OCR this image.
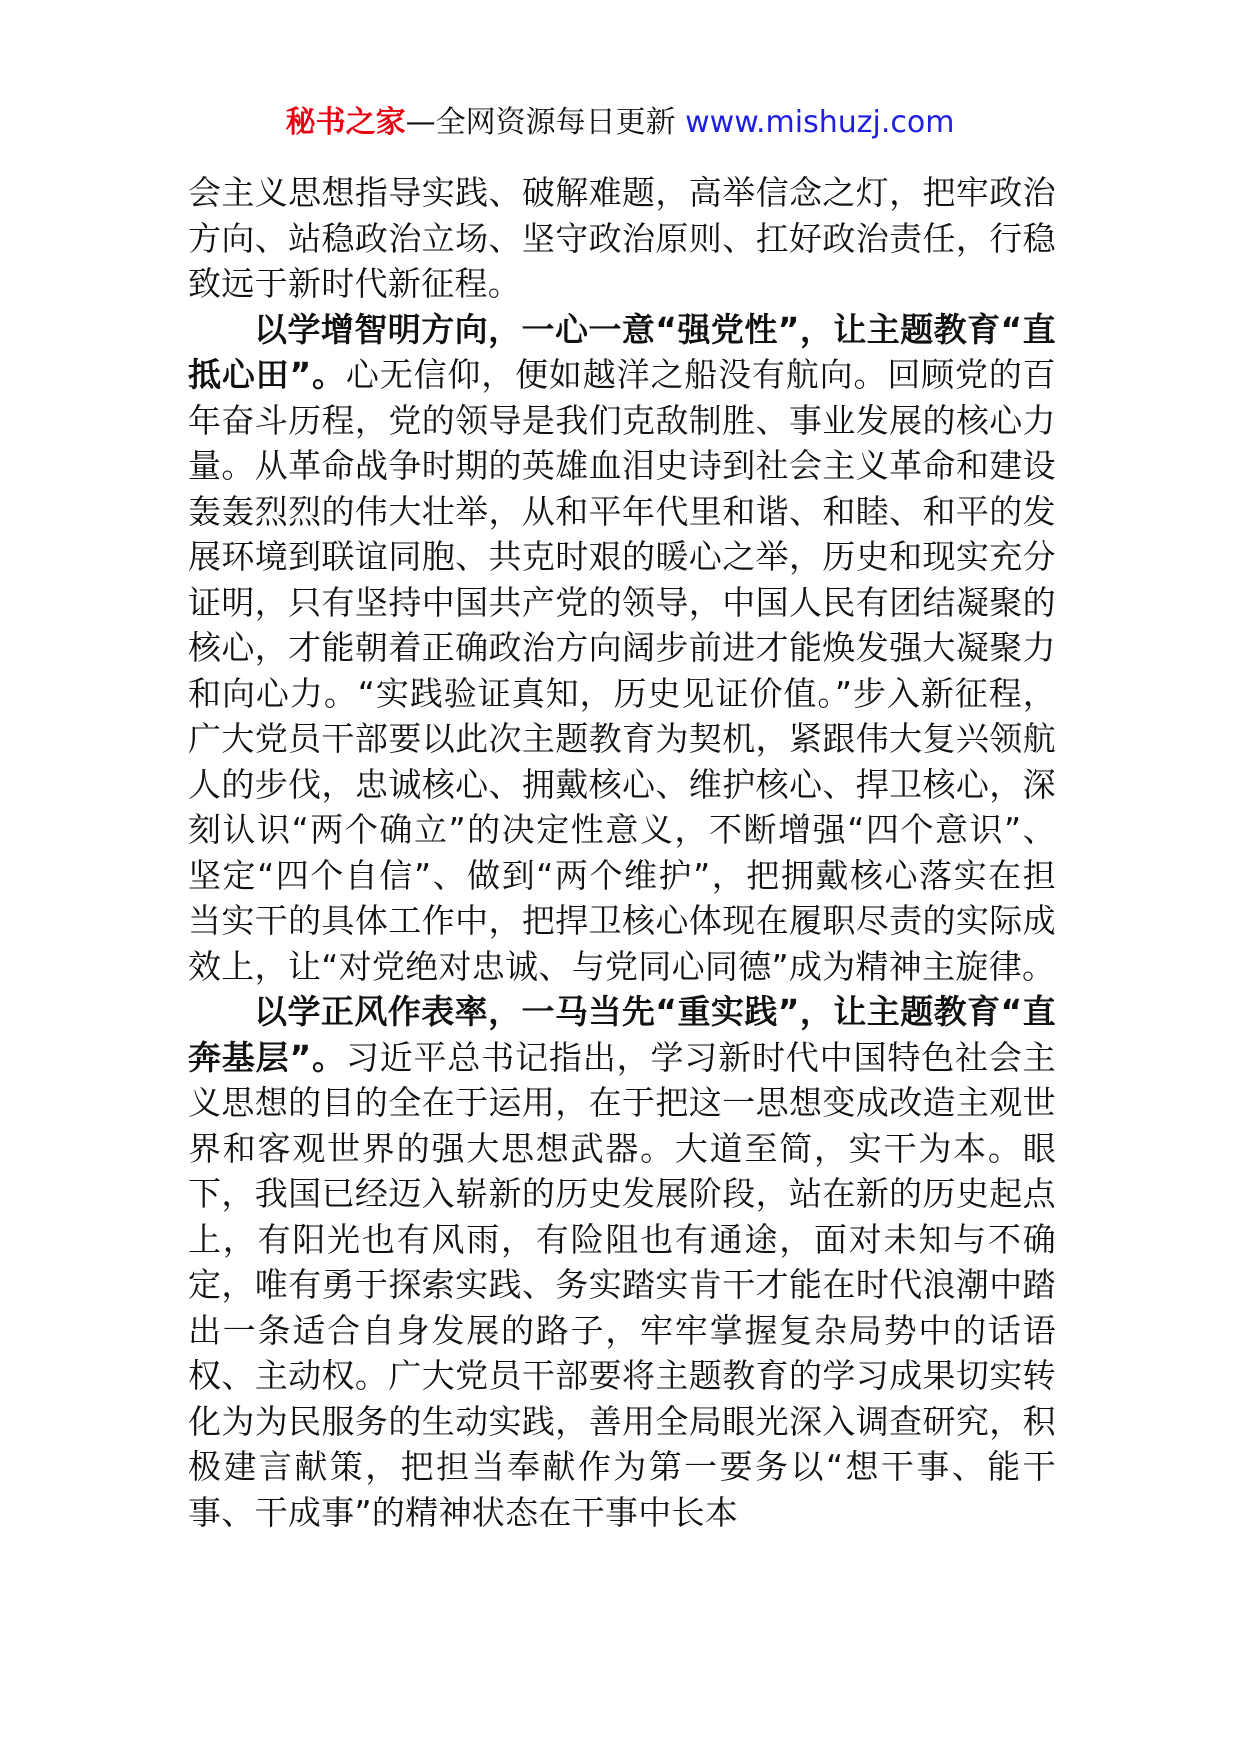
秘书之家—全网资源每日更新 www.mishuzj.com

会主义思想指导实践、破解难题，高举信念之灯，把牢政治方向、站稳政治立场、坚守政治原则、扛好政治责任，行稳致远于新时代新征程。

以学增智明方向，一心一意“强党性”，让主题教育“直抵心田”。心无信仰，便如越洋之船没有航向。回顾党的百年奋斗历程，党的领导是我们克敌制胜、事业发展的核心力量。从革命战争时期的英雄血泪史诗到社会主义革命和建设轰轰烈烈的伟大壮举，从和平年代里和谐、和睦、和平的发展环境到联谊同胞、共克时艰的暖心之举，历史和现实充分证明，只有坚持中国共产党的领导，中国人民有团结凝聚的核心，才能朝着正确政治方向阔步前进才能焕发强大凝聚力和向心力。“实践验证真知，历史见证价值。”步入新征程，广大党员干部要以此次主题教育为契机，紧跟伟大复兴领航人的步伐，忠诚核心、拥戴核心、维护核心、捍卫核心，深刻认识“两个确立”的决定性意义，不断增强“四个意识”、坚定“四个自信”、做到“两个维护”，把拥戴核心落实在担当实干的具体工作中，把捍卫核心体现在履职尽责的实际成效上，让“对党绝对忠诚、与党同心同德”成为精神主旋律。

以学正风作表率，一马当先“重实践”，让主题教育“直奔基层”。习近平总书记指出，学习新时代中国特色社会主义思想的目的全在于运用，在于把这一思想变成改造主观世界和客观世界的强大思想武器。大道至简，实干为本。眼下，我国已经迈入崭新的历史发展阶段，站在新的历史起点上，有阳光也有风雨，有险阻也有通途，面对未知与不确定，唯有勇于探索实践、务实踏实肯干才能在时代浪潮中踏出一条适合自身发展的路子，牢牢掌握复杂局势中的话语权、主动权。广大党员干部要将主题教育的学习成果切实转化为为民服务的生动实践，善用全局眼光深入调查研究，积极建言献策，把担当奉献作为第一要务以“想干事、能干事、干成事”的精神状态在干事中长本
